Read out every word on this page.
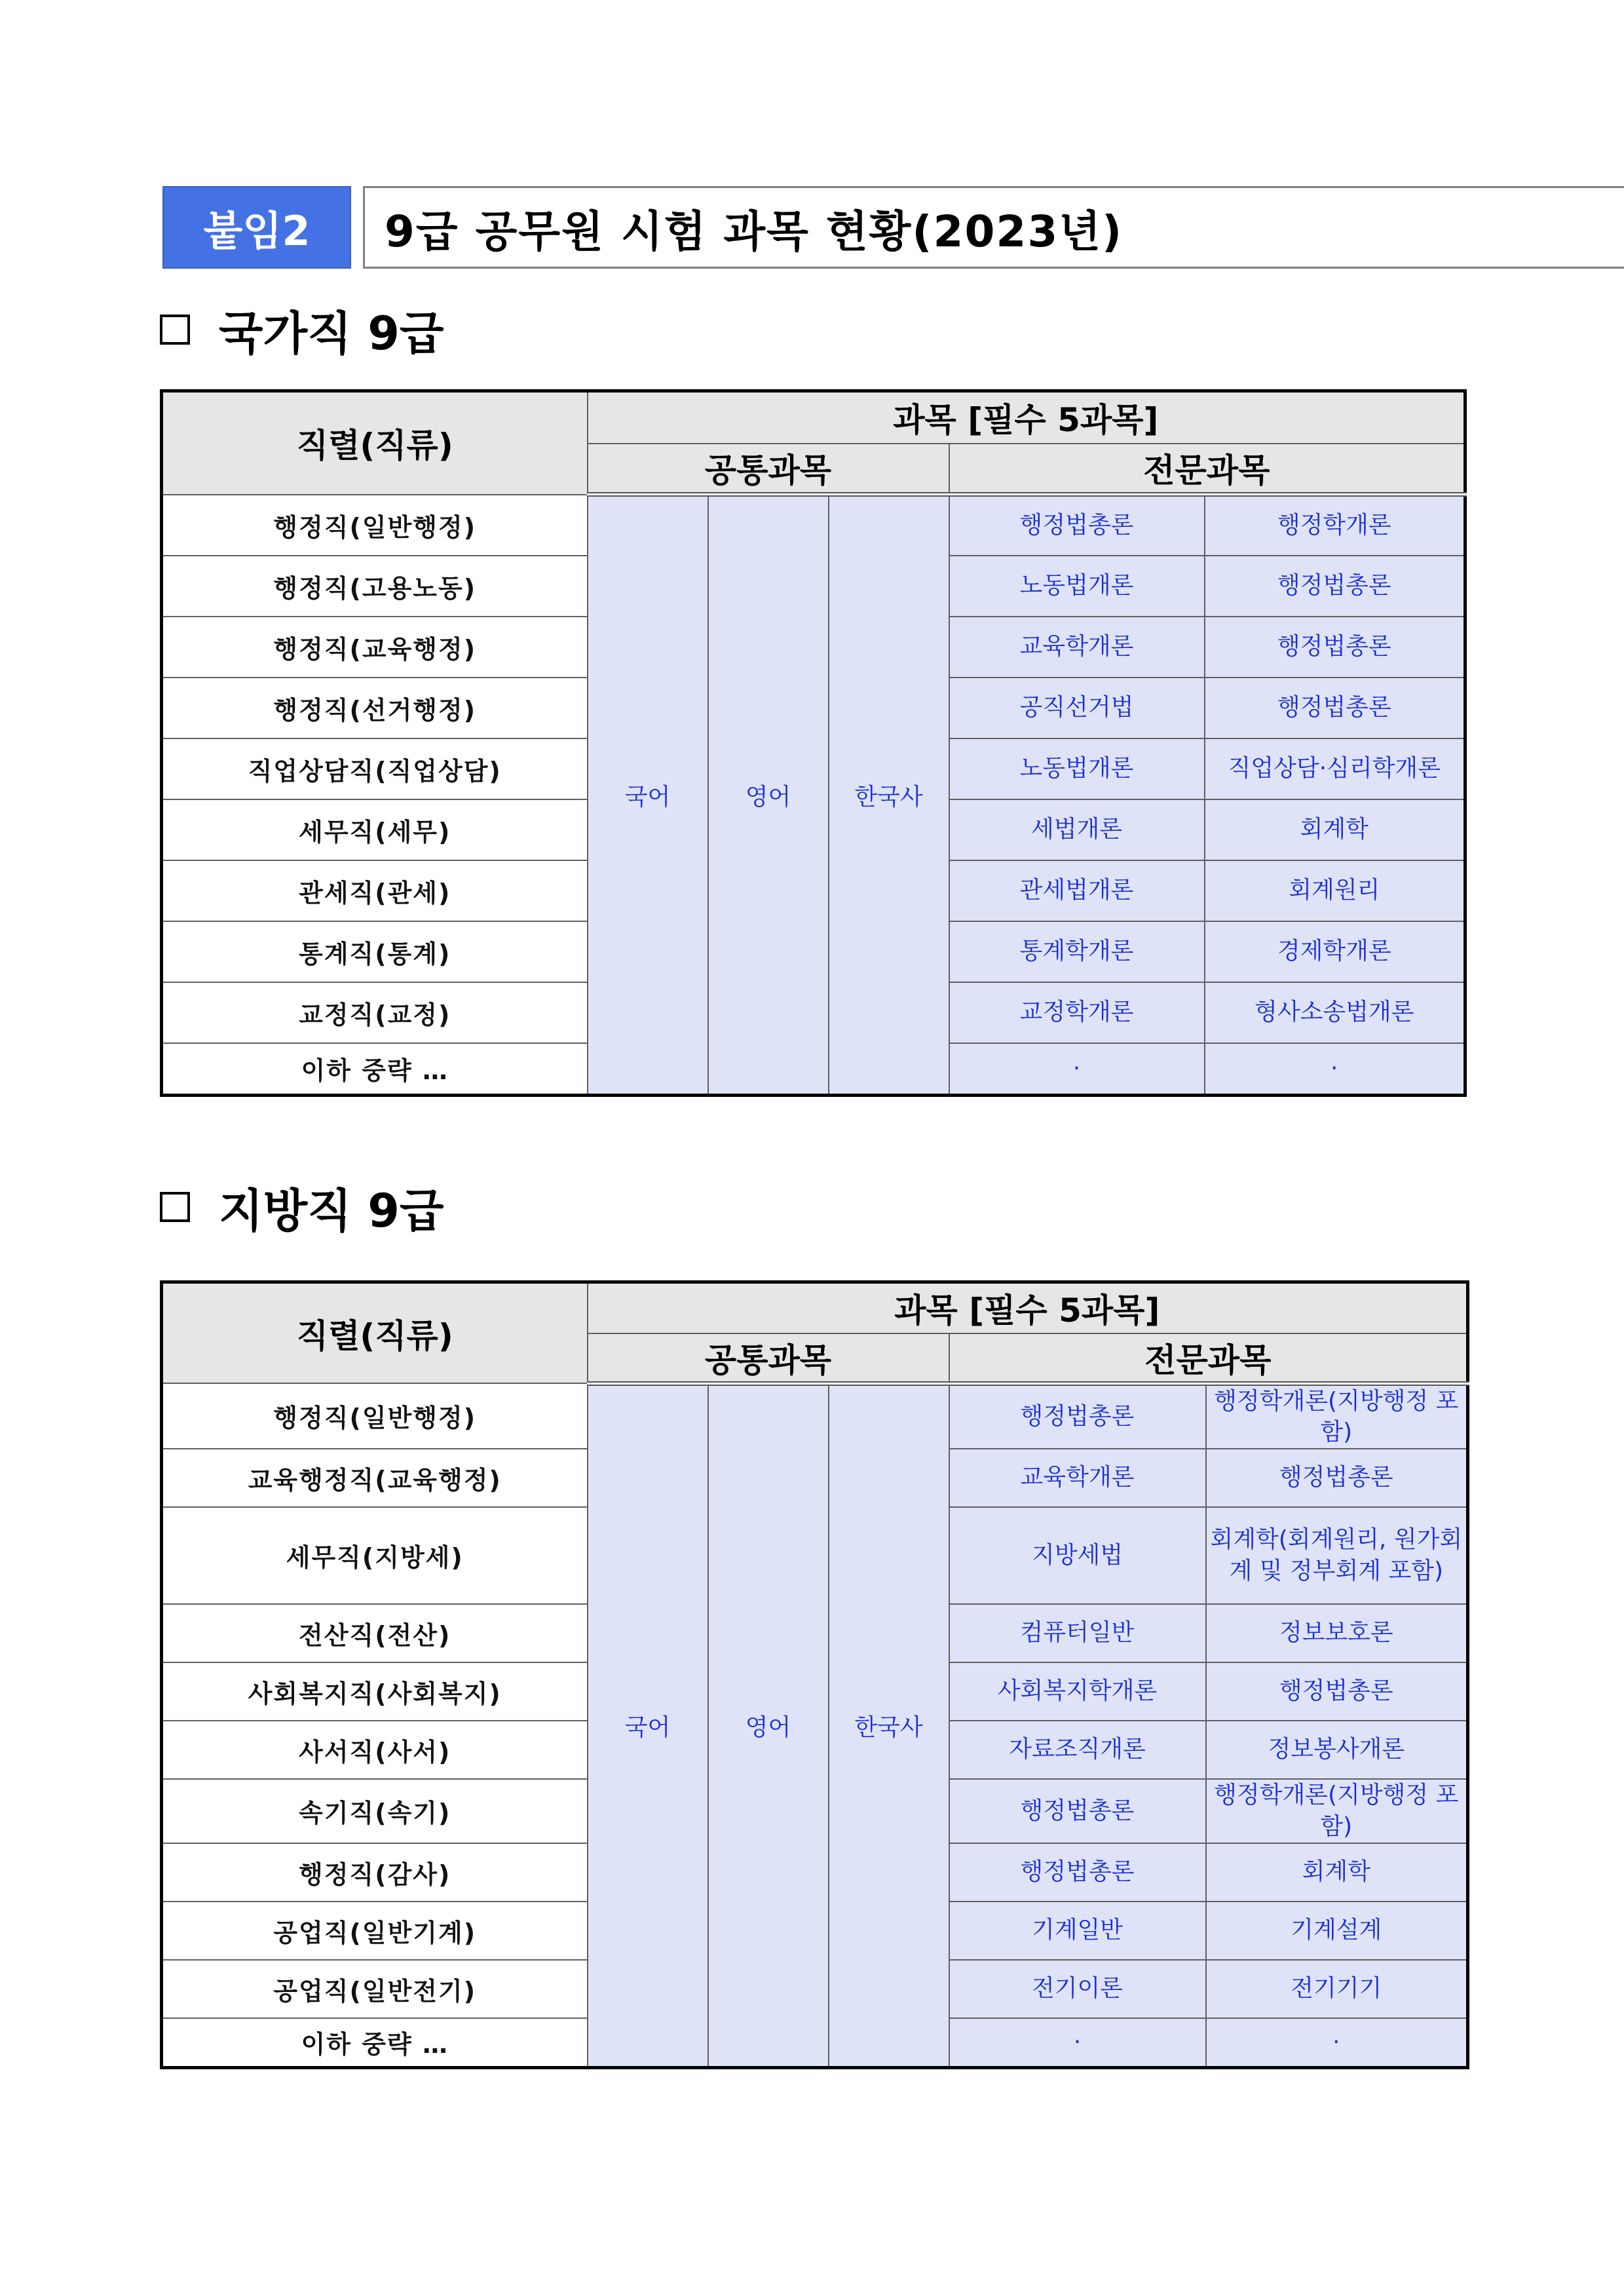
붙임2	9급 공무원 시험 과목 현황(2023년)
국가직 9급
직렬(직류)	과목 [필수 5과목]				
	공통과목			전문과목	
행정직(일반행정)	국어	영어	한국사	행정법총론	행정학개론
행정직(고용노동)				노동법개론	행정법총론
행정직(교육행정)				교육학개론	행정법총론
행정직(선거행정)				공직선거법	행정법총론
직업상담직(직업상담)				노동법개론	직업상담·심리학개론
세무직(세무)				세법개론	회계학
관세직(관세)				관세법개론	회계원리
통계직(통계)				통계학개론	경제학개론
교정직(교정)				교정학개론	형사소송법개론
이하 중략 …				·	·
지방직 9급
직렬(직류)	과목 [필수 5과목]				
	공통과목			전문과목	
행정직(일반행정)	국어	영어	한국사	행정법총론	행정학개론(지방행정 포함)
교육행정직(교육행정)				교육학개론	행정법총론
세무직(지방세)				지방세법	회계학(회계원리, 원가회계 및 정부회계 포함)
전산직(전산)				컴퓨터일반	정보보호론
사회복지직(사회복지)				사회복지학개론	행정법총론
사서직(사서)				자료조직개론	정보봉사개론
속기직(속기)				행정법총론	행정학개론(지방행정 포함)
행정직(감사)				행정법총론	회계학
공업직(일반기계)				기계일반	기계설계
공업직(일반전기)				전기이론	전기기기
이하 중략 …				·	·
